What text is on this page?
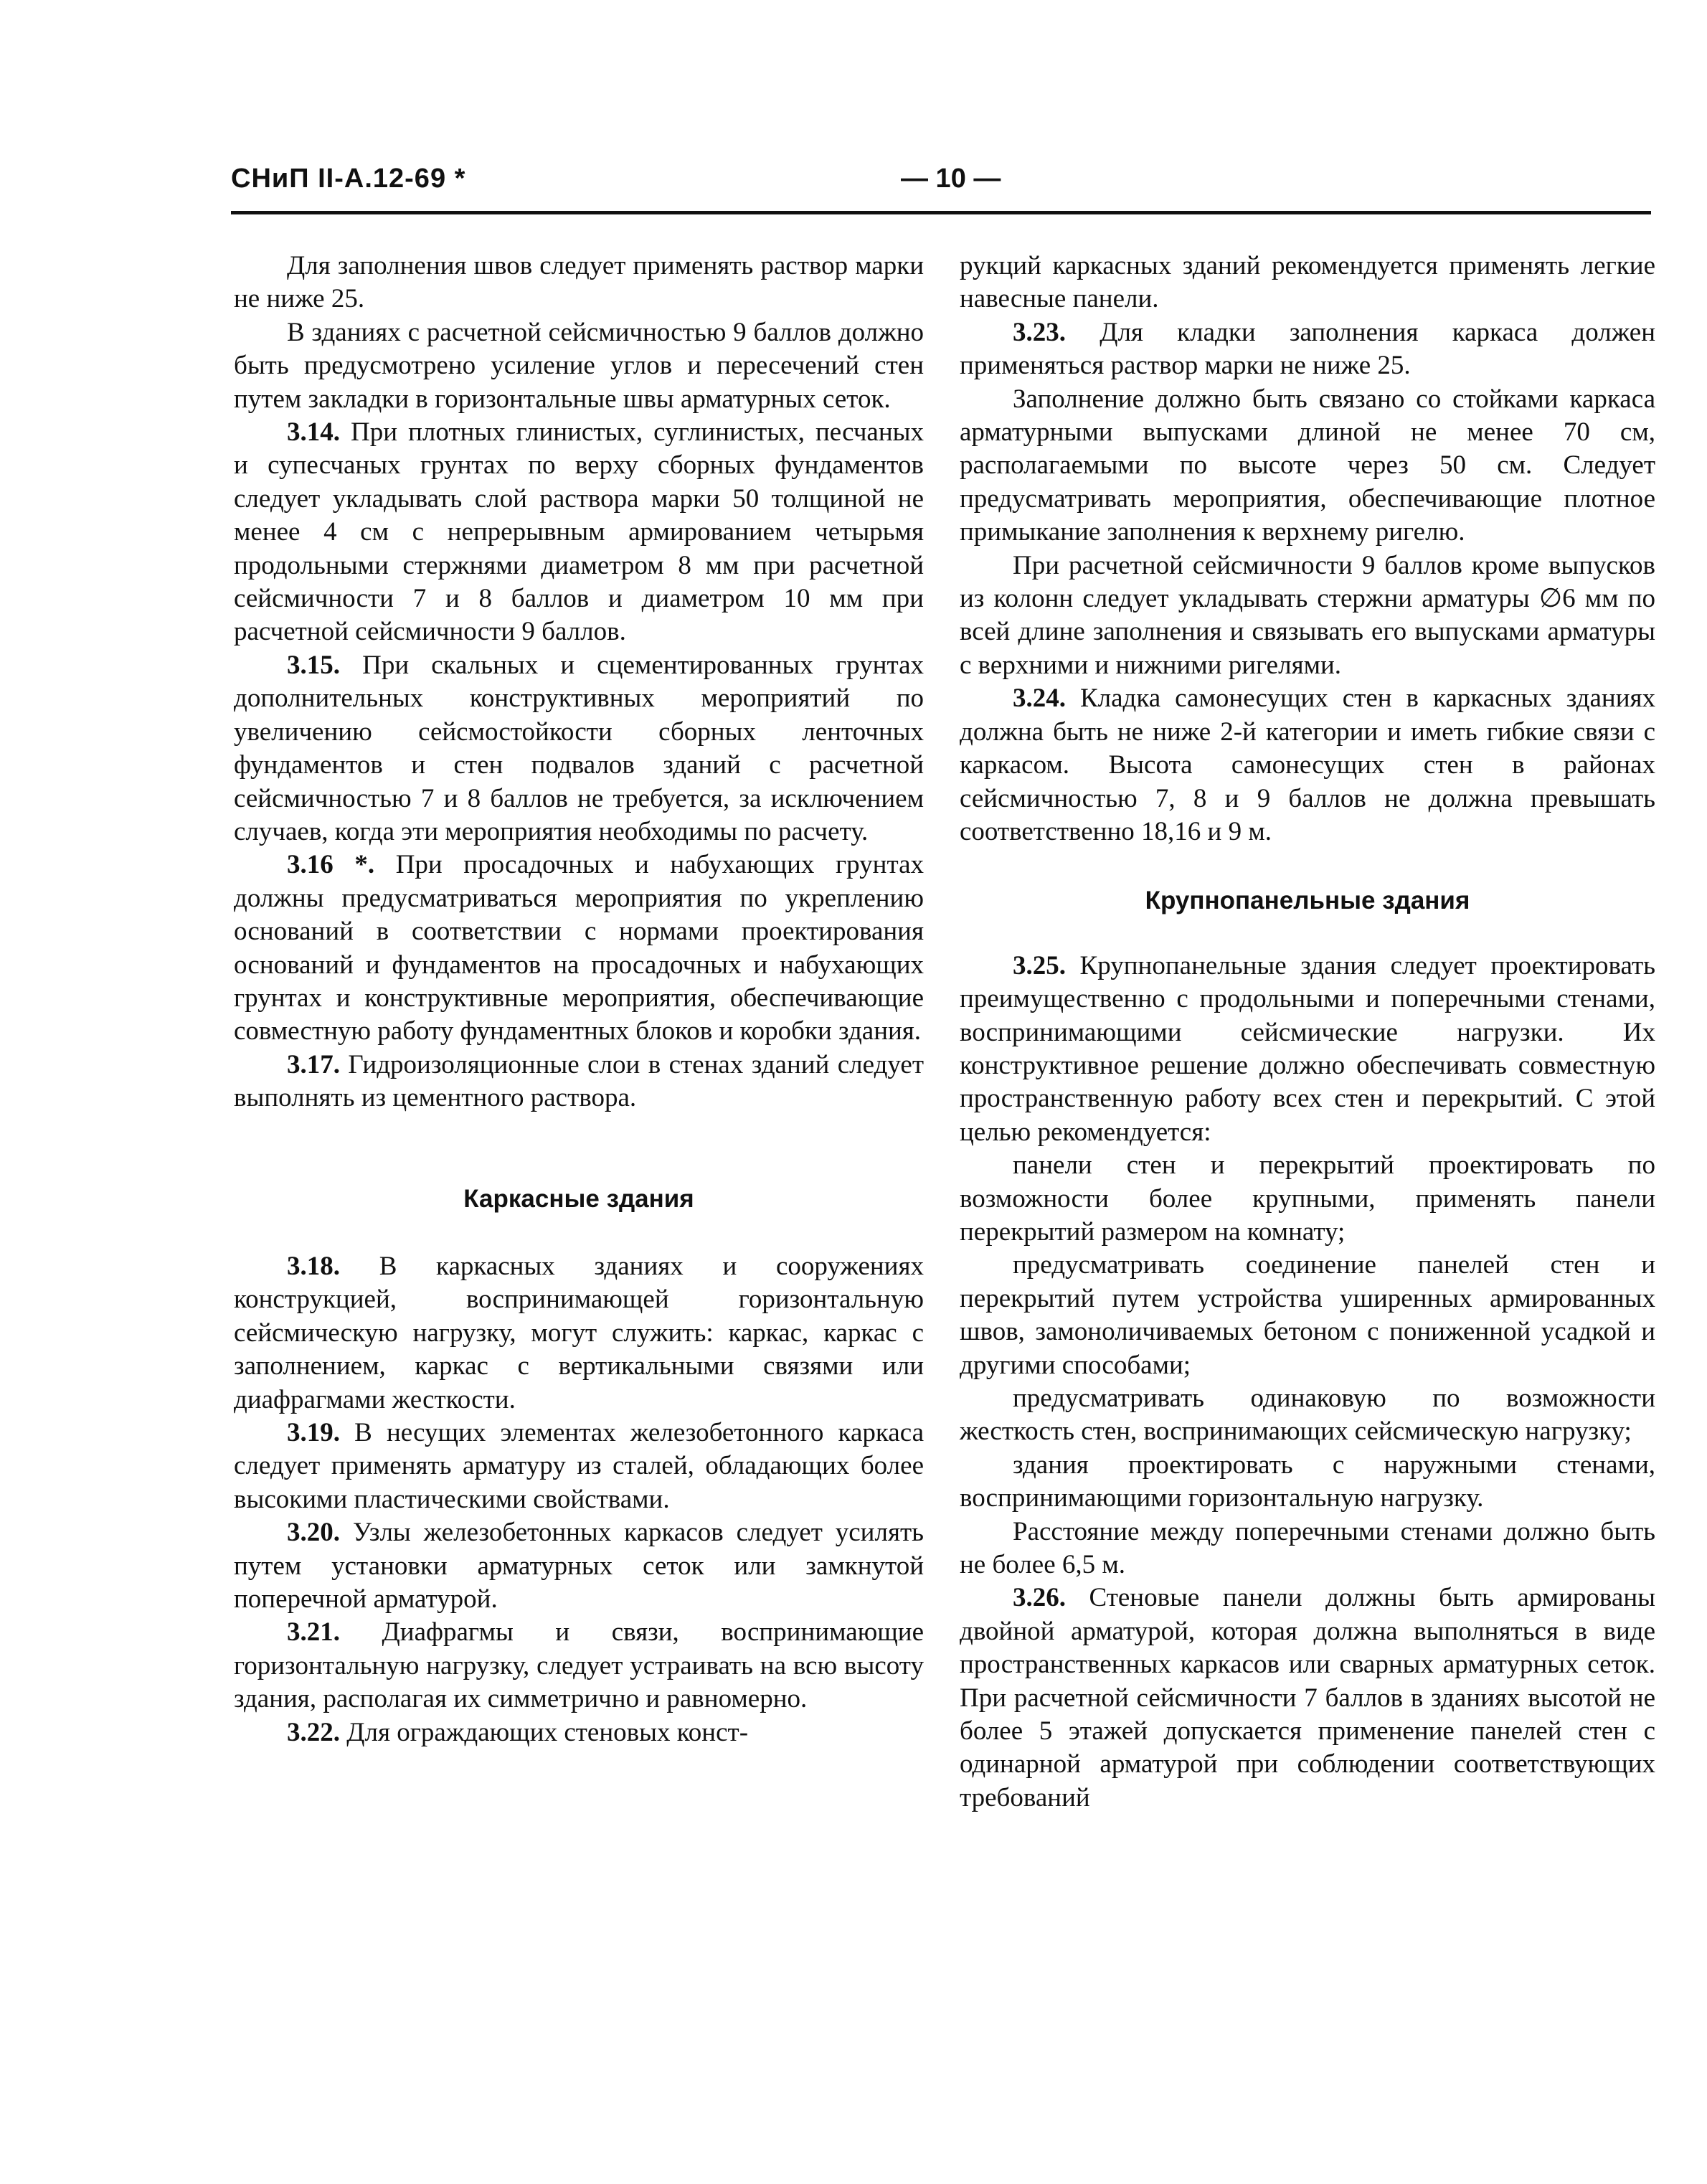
СНиП II-А.12-69 *	— 10 —

Для заполнения швов следует применять раствор марки не ниже 25.

В зданиях с расчетной сейсмичностью 9 баллов должно быть предусмотрено усиление углов и пересечений стен путем закладки в горизонтальные швы арматурных сеток.

3.14. При плотных глинистых, суглинистых, песчаных и супесчаных грунтах по верху сборных фундаментов следует укладывать слой раствора марки 50 толщиной не менее 4 см с непрерывным армированием четырьмя продольными стержнями диаметром 8 мм при расчетной сейсмичности 7 и 8 баллов и диаметром 10 мм при расчетной сейсмичности 9 баллов.

3.15. При скальных и сцементированных грунтах дополнительных конструктивных мероприятий по увеличению сейсмостойкости сборных ленточных фундаментов и стен подвалов зданий с расчетной сейсмичностью 7 и 8 баллов не требуется, за исключением случаев, когда эти мероприятия необходимы по расчету.

3.16 *. При просадочных и набухающих грунтах должны предусматриваться мероприятия по укреплению оснований в соответствии с нормами проектирования оснований и фундаментов на просадочных и набухающих грунтах и конструктивные мероприятия, обеспечивающие совместную работу фундаментных блоков и коробки здания.

3.17. Гидроизоляционные слои в стенах зданий следует выполнять из цементного раствора.

Каркасные здания

3.18. В каркасных зданиях и сооружениях конструкцией, воспринимающей горизонтальную сейсмическую нагрузку, могут служить: каркас, каркас с заполнением, каркас с вертикальными связями или диафрагмами жесткости.

3.19. В несущих элементах железобетонного каркаса следует применять арматуру из сталей, обладающих более высокими пластическими свойствами.

3.20. Узлы железобетонных каркасов следует усилять путем установки арматурных сеток или замкнутой поперечной арматурой.

3.21. Диафрагмы и связи, воспринимающие горизонтальную нагрузку, следует устраивать на всю высоту здания, располагая их симметрично и равномерно.

3.22. Для ограждающих стеновых конст-

рукций каркасных зданий рекомендуется применять легкие навесные панели.

3.23. Для кладки заполнения каркаса должен применяться раствор марки не ниже 25.

Заполнение должно быть связано со стойками каркаса арматурными выпусками длиной не менее 70 см, располагаемыми по высоте через 50 см. Следует предусматривать мероприятия, обеспечивающие плотное примыкание заполнения к верхнему ригелю.

При расчетной сейсмичности 9 баллов кроме выпусков из колонн следует укладывать стержни арматуры ∅6 мм по всей длине заполнения и связывать его выпусками арматуры с верхними и нижними ригелями.

3.24. Кладка самонесущих стен в каркасных зданиях должна быть не ниже 2-й категории и иметь гибкие связи с каркасом. Высота самонесущих стен в районах сейсмичностью 7, 8 и 9 баллов не должна превышать соответственно 18,16 и 9 м.

Крупнопанельные здания

3.25. Крупнопанельные здания следует проектировать преимущественно с продольными и поперечными стенами, воспринимающими сейсмические нагрузки. Их конструктивное решение должно обеспечивать совместную пространственную работу всех стен и перекрытий. С этой целью рекомендуется:

панели стен и перекрытий проектировать по возможности более крупными, применять панели перекрытий размером на комнату;

предусматривать соединение панелей стен и перекрытий путем устройства уширенных армированных швов, замоноличиваемых бетоном с пониженной усадкой и другими способами;

предусматривать одинаковую по возможности жесткость стен, воспринимающих сейсмическую нагрузку;

здания проектировать с наружными стенами, воспринимающими горизонтальную нагрузку.

Расстояние между поперечными стенами должно быть не более 6,5 м.

3.26. Стеновые панели должны быть армированы двойной арматурой, которая должна выполняться в виде пространственных каркасов или сварных арматурных сеток. При расчетной сейсмичности 7 баллов в зданиях высотой не более 5 этажей допускается применение панелей стен с одинарной арматурой при соблюдении соответствующих требований
